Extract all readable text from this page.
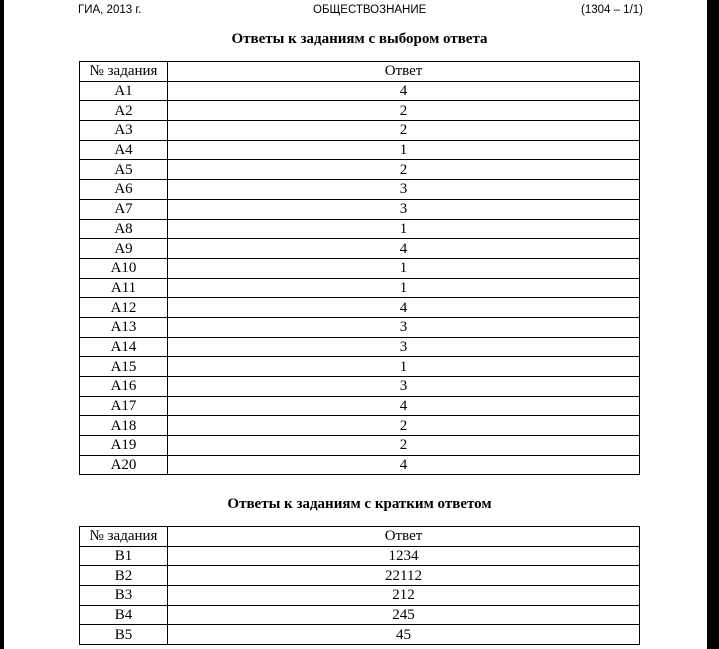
ГИА, 2013 г.	ОБЩЕСТВОЗНАНИЕ	(1304 – 1/1)
Ответы к заданиям с выбором ответа
№ задания	Ответ
А1	4
А2	2
А3	2
А4	1
А5	2
А6	3
А7	3
А8	1
А9	4
А10	1
А11	1
А12	4
А13	3
А14	3
А15	1
А16	3
А17	4
А18	2
А19	2
А20	4
Ответы к заданиям с кратким ответом
№ задания	Ответ
В1	1234
В2	22112
В3	212
В4	245
В5	45
